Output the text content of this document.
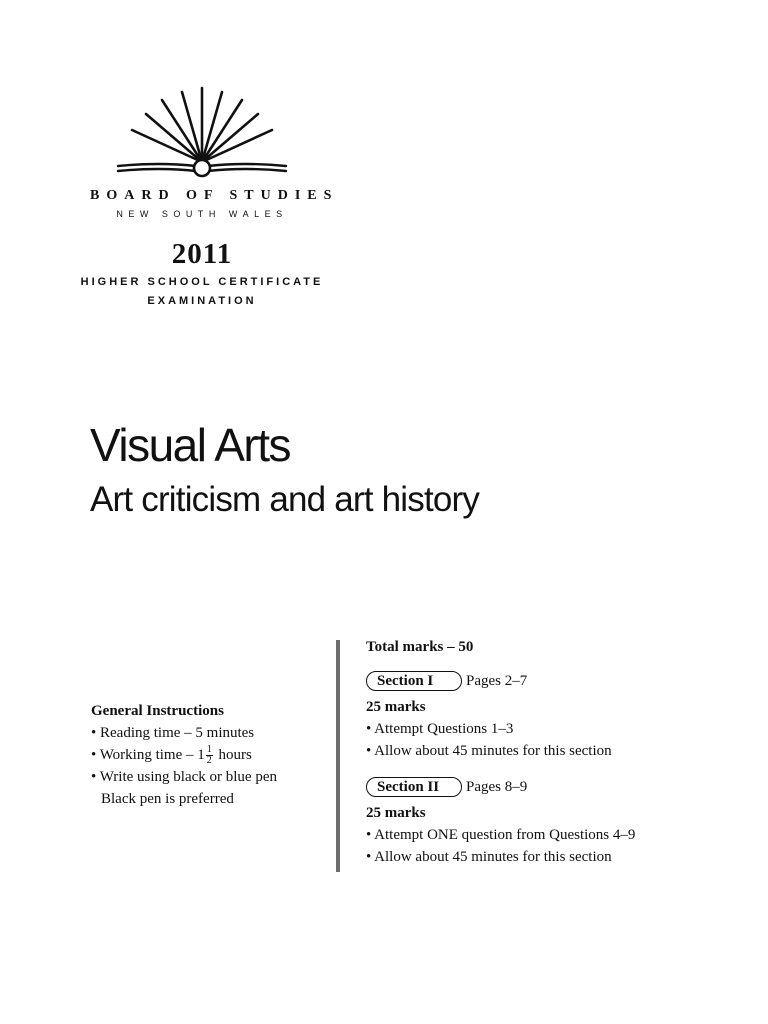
BOARD OF STUDIES
NEW SOUTH WALES
2011
HIGHER SCHOOL CERTIFICATE
EXAMINATION
Visual Arts
Art criticism and art history
General Instructions
• Reading time – 5 minutes
• Working time – $1 \frac{1}{2}$ hours
• Write using black or blue pen
Black pen is preferred
Total marks – 50
Section I	Pages 2–7
25 marks
• Attempt Questions 1–3
• Allow about 45 minutes for this section
Section II	Pages 8–9
25 marks
• Attempt ONE question from Questions 4–9
• Allow about 45 minutes for this section
